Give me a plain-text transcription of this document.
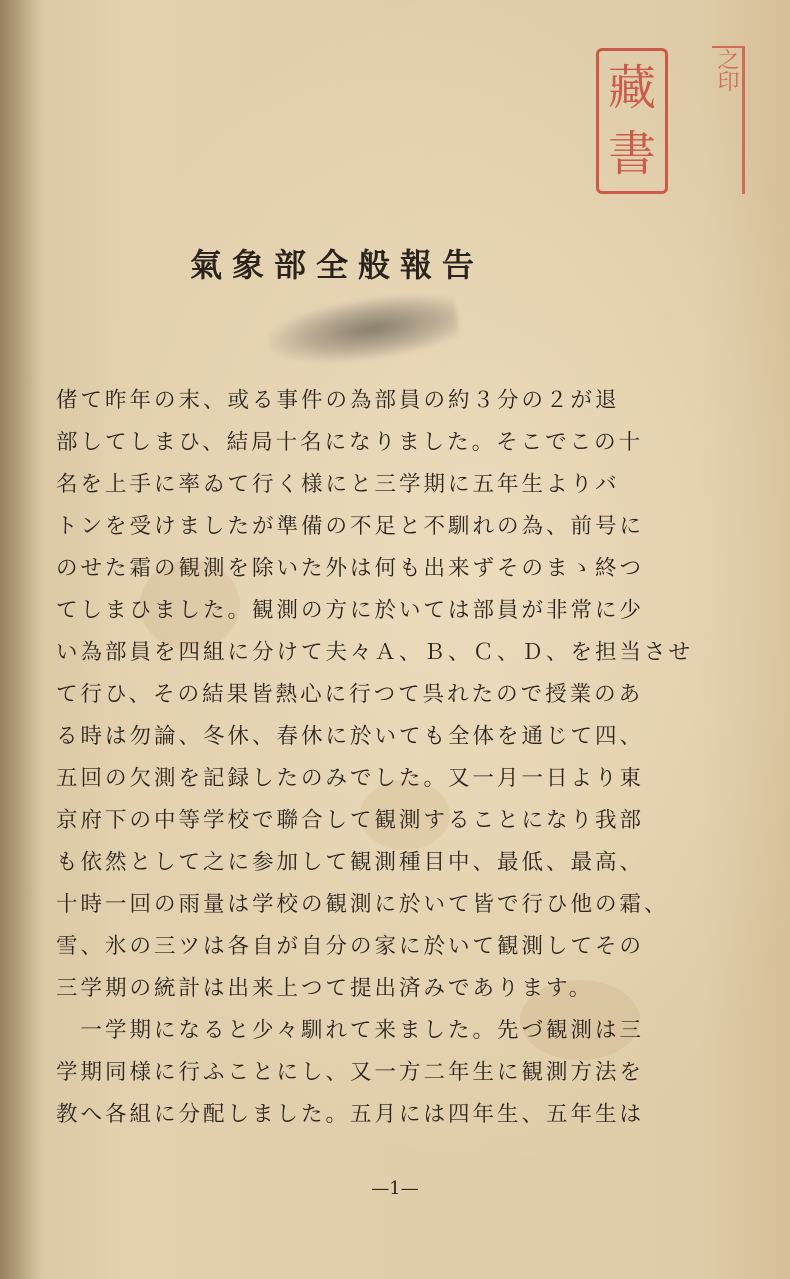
藏
書
之印
氣象部全般報告
偖て昨年の末、或る事件の為部員の約３分の２が退
部してしまひ、結局十名になりました。そこでこの十
名を上手に率ゐて行く様にと三学期に五年生よりバ
トンを受けましたが準備の不足と不馴れの為、前号に
のせた霜の観測を除いた外は何も出来ずそのまゝ終つ
てしまひました。観測の方に於いては部員が非常に少
い為部員を四組に分けて夫々Ａ、Ｂ、Ｃ、Ｄ、を担当させ
て行ひ、その結果皆熱心に行つて呉れたので授業のあ
る時は勿論、冬休、春休に於いても全体を通じて四、
五回の欠測を記録したのみでした。又一月一日より東
京府下の中等学校で聯合して観測することになり我部
も依然として之に参加して観測種目中、最低、最高、
十時一回の雨量は学校の観測に於いて皆で行ひ他の霜、
雪、氷の三ツは各自が自分の家に於いて観測してその
三学期の統計は出来上つて提出済みであります。
　一学期になると少々馴れて来ました。先づ観測は三
学期同様に行ふことにし、又一方二年生に観測方法を
教へ各組に分配しました。五月には四年生、五年生は
—1—
